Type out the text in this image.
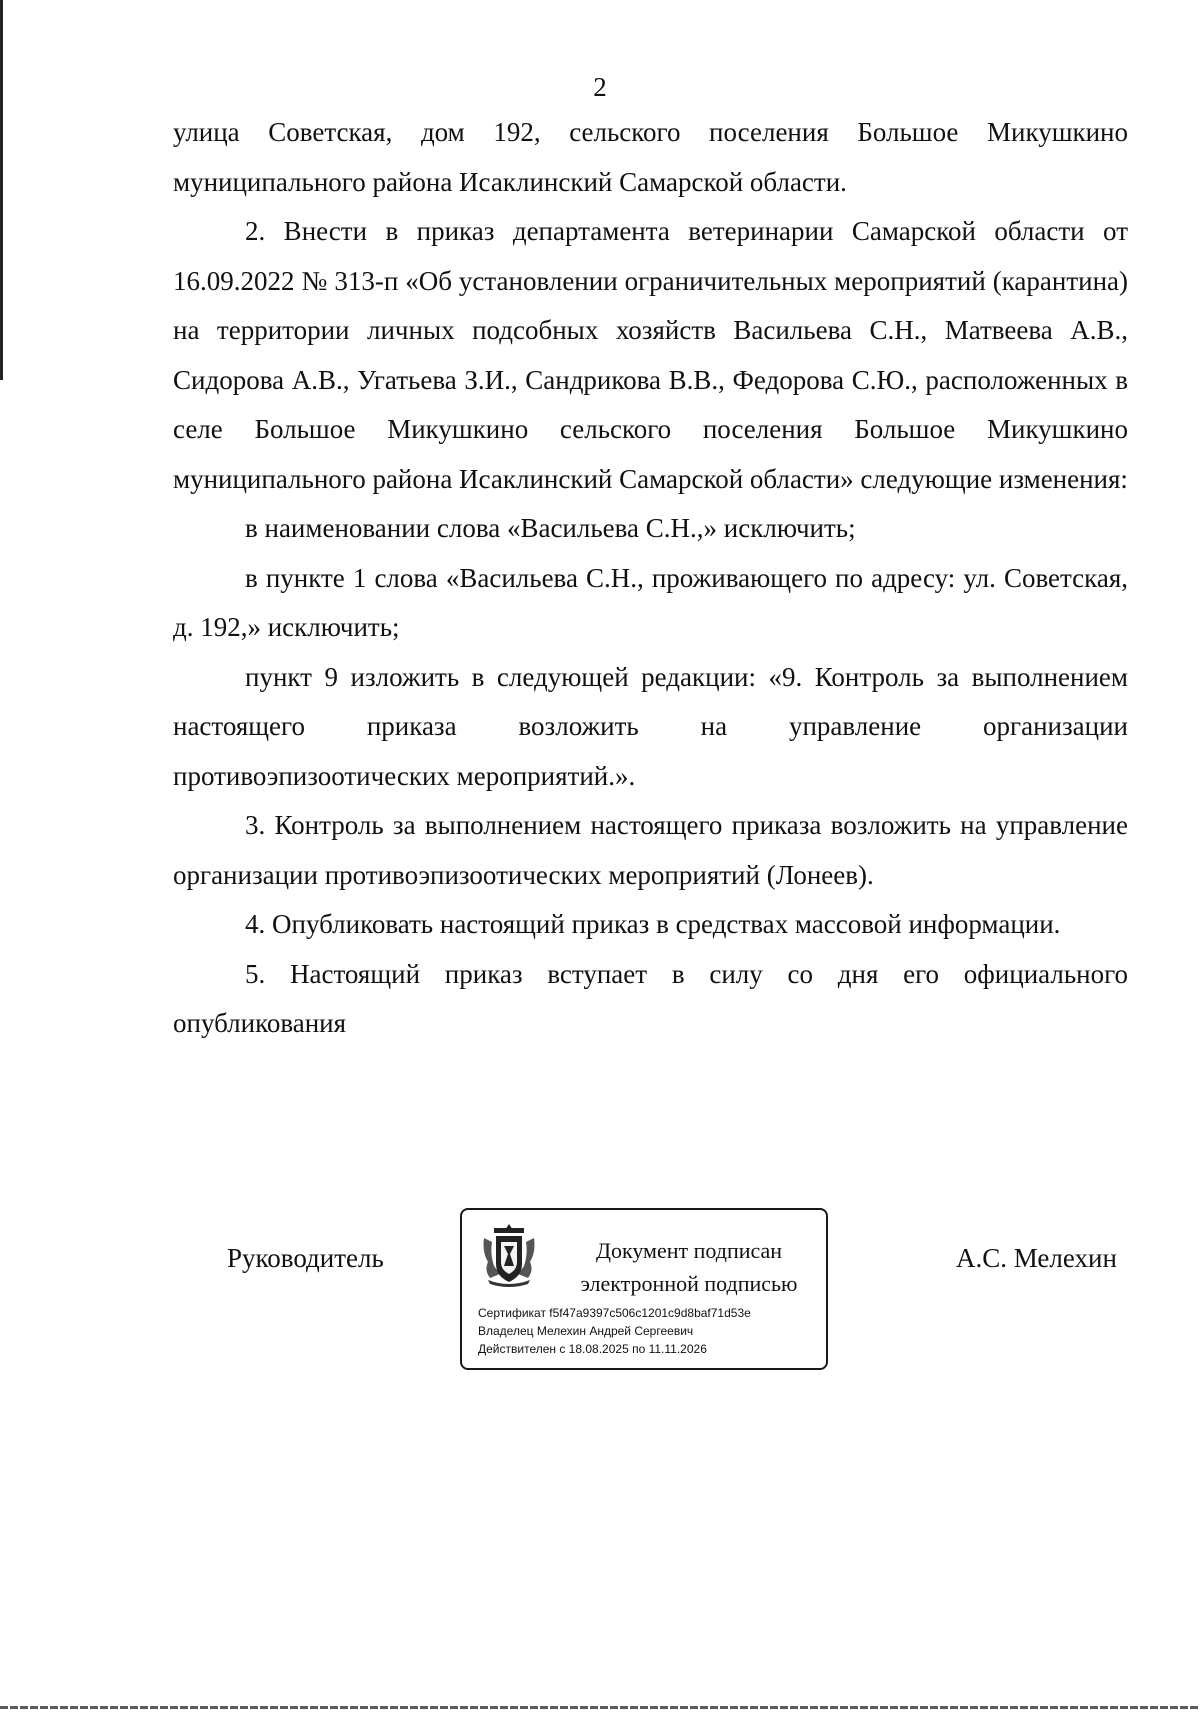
2

улица Советская, дом 192, сельского поселения Большое Микушкино муниципального района Исаклинский Самарской области.

2. Внести в приказ департамента ветеринарии Самарской области от 16.09.2022 № 313-п «Об установлении ограничительных мероприятий (карантина) на территории личных подсобных хозяйств Васильева С.Н., Матвеева А.В., Сидорова А.В., Угатьева З.И., Сандрикова В.В., Федорова С.Ю., расположенных в селе Большое Микушкино сельского поселения Большое Микушкино муниципального района Исаклинский Самарской области» следующие изменения:

в наименовании слова «Васильева С.Н.,» исключить;

в пункте 1 слова «Васильева С.Н., проживающего по адресу: ул. Советская, д. 192,» исключить;

пункт 9 изложить в следующей редакции: «9. Контроль за выполнением настоящего приказа возложить на управление организации противоэпизоотических мероприятий.».

3. Контроль за выполнением настоящего приказа возложить на управление организации противоэпизоотических мероприятий (Лонеев).

4. Опубликовать настоящий приказ в средствах массовой информации.

5. Настоящий приказ вступает в силу со дня его официального опубликования

Руководитель	Документ подписан
электронной подписью
Сертификат f5f47a9397c506c1201c9d8baf71d53e
Владелец Мелехин Андрей Сергеевич
Действителен с 18.08.2025 по 11.11.2026
А.С. Мелехин
